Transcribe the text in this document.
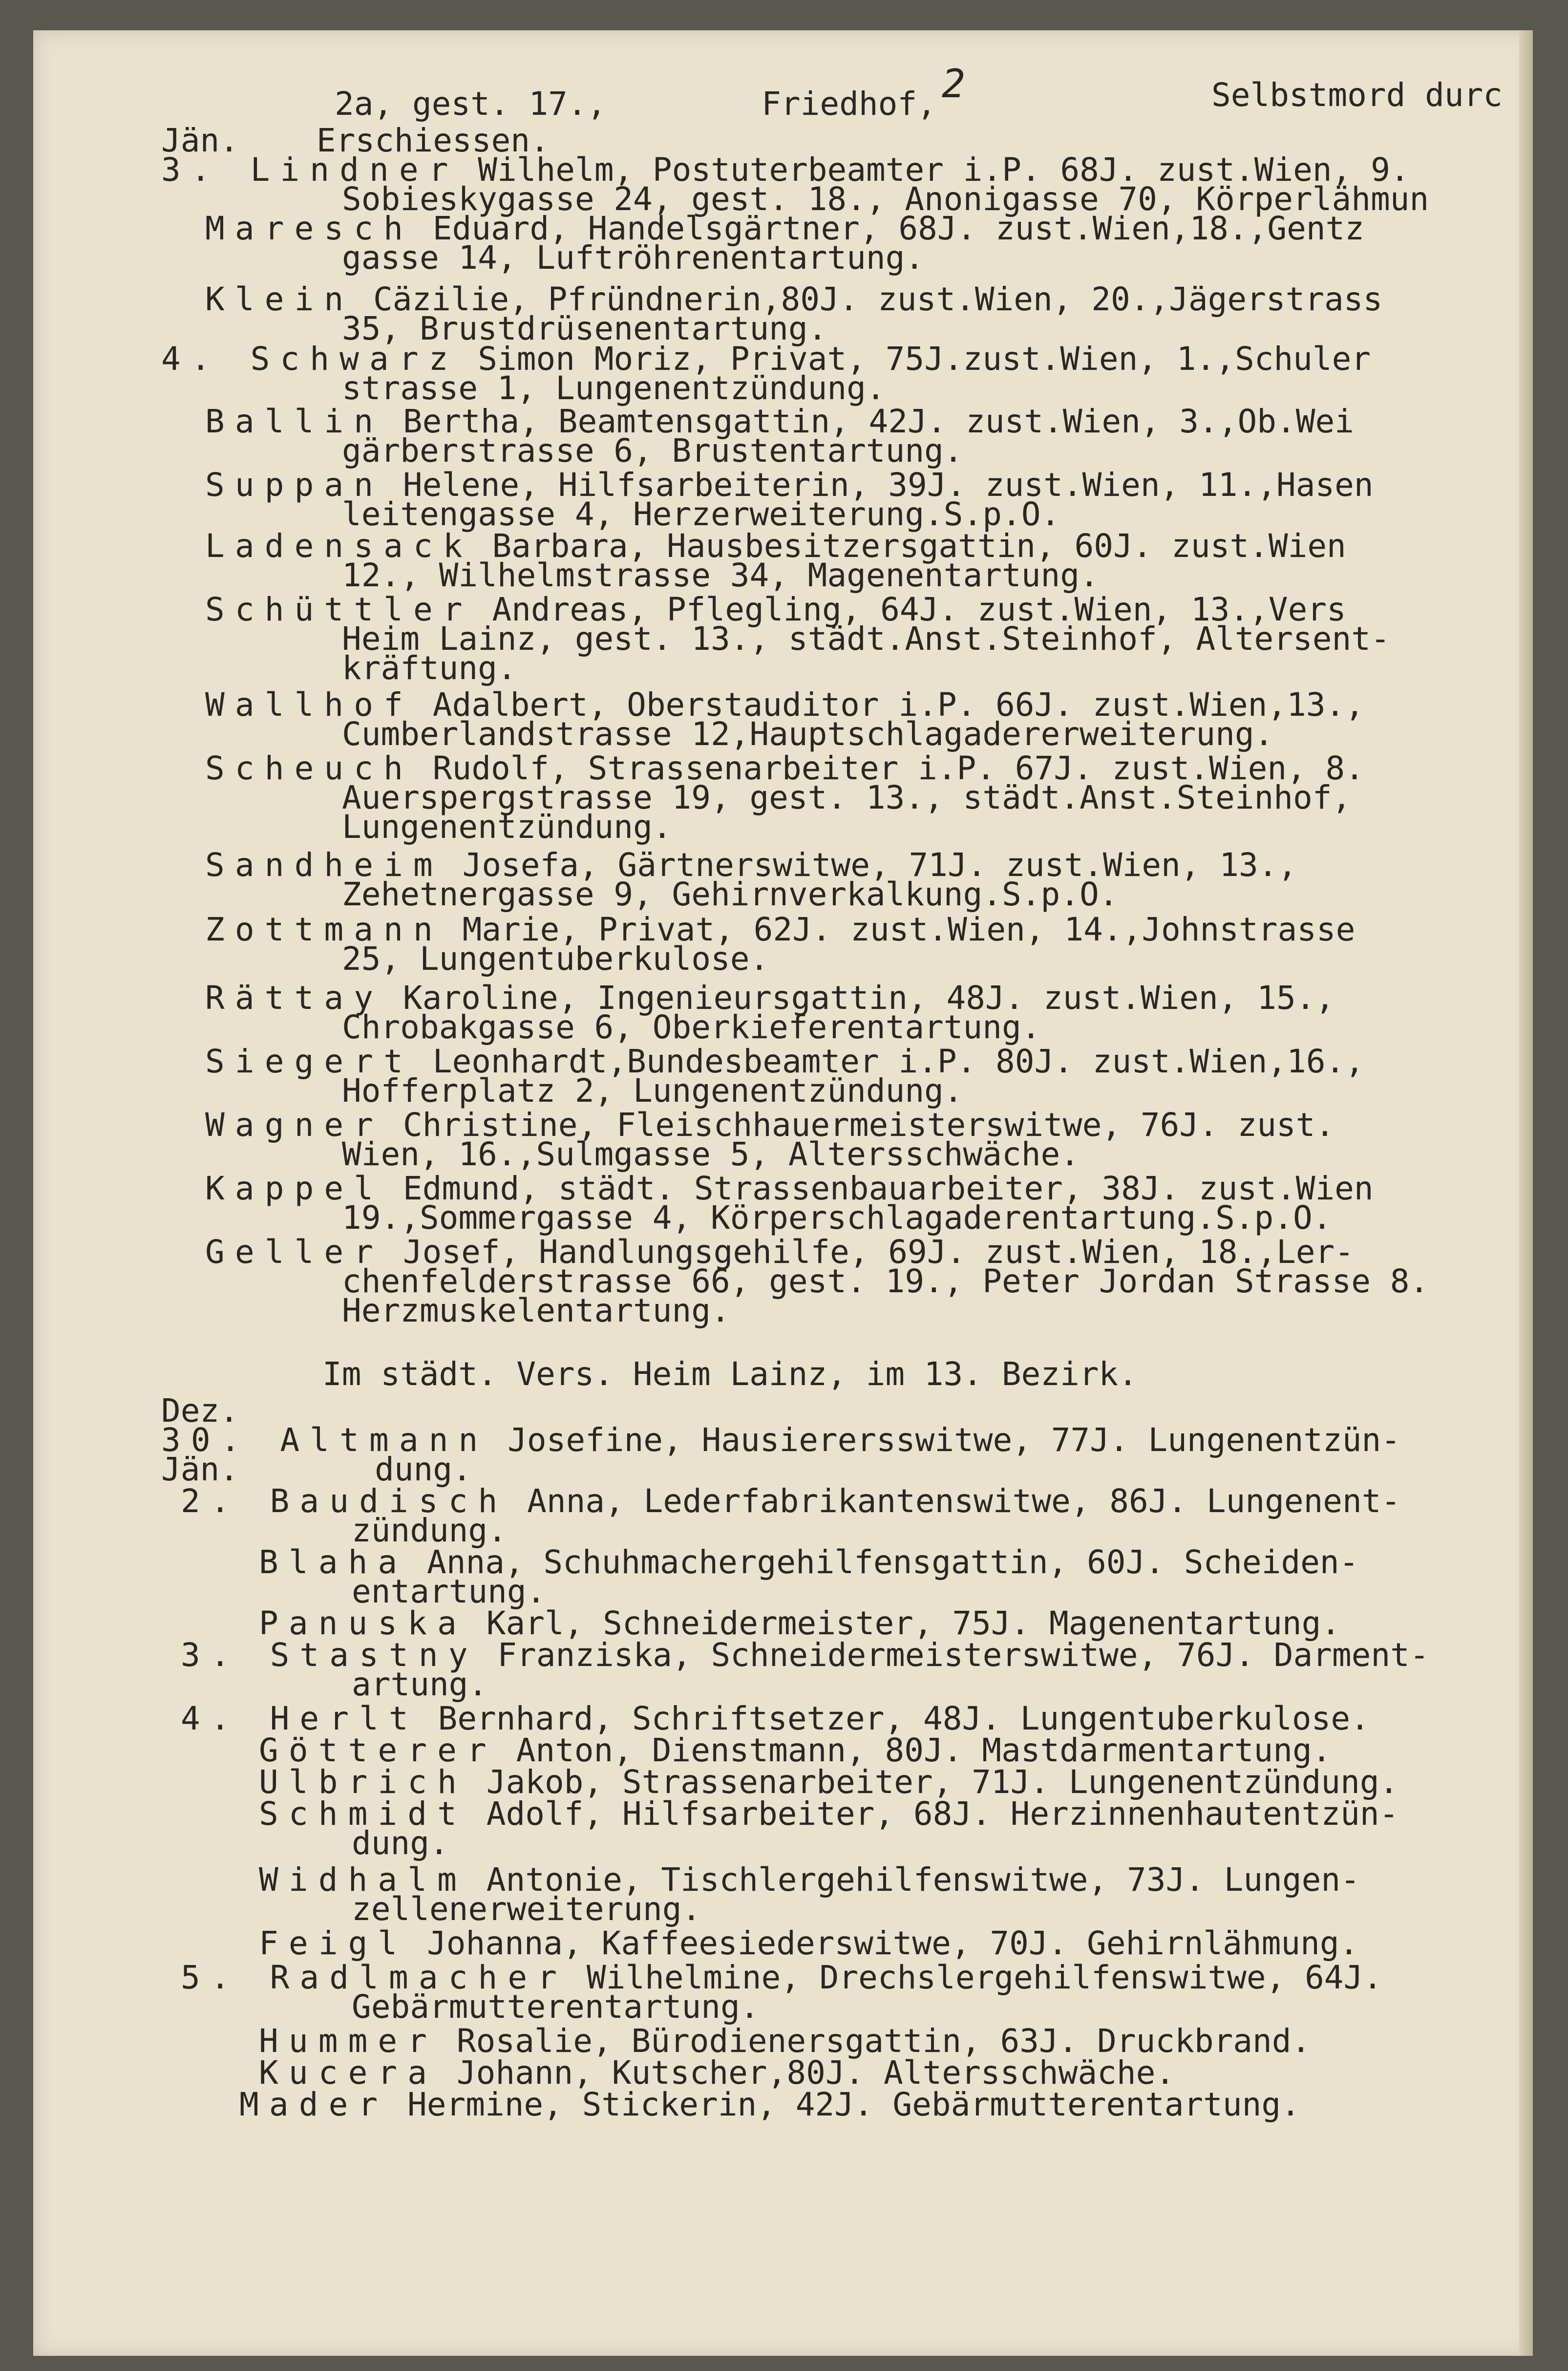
2
2a, gest. 17.,        Friedhof,	Selbstmord durc
Jän.    Erschiessen.
3. Lindner Wilhelm, Postuterbeamter i.P. 68J. zust.Wien, 9.
Sobieskygasse 24, gest. 18., Anonigasse 70, Körperlähmun
Maresch Eduard, Handelsgärtner, 68J. zust.Wien,18.,Gentz
gasse 14, Luftröhrenentartung.
Klein Cäzilie, Pfründnerin,80J. zust.Wien, 20.,Jägerstrass
35, Brustdrüsenentartung.
4. Schwarz Simon Moriz, Privat, 75J.zust.Wien, 1.,Schuler
strasse 1, Lungenentzündung.
Ballin Bertha, Beamtensgattin, 42J. zust.Wien, 3.,Ob.Wei
gärberstrasse 6, Brustentartung.
Suppan Helene, Hilfsarbeiterin, 39J. zust.Wien, 11.,Hasen
leitengasse 4, Herzerweiterung.S.p.O.
Ladensack Barbara, Hausbesitzersgattin, 60J. zust.Wien
12., Wilhelmstrasse 34, Magenentartung.
Schüttler Andreas, Pflegling, 64J. zust.Wien, 13.,Vers
Heim Lainz, gest. 13., städt.Anst.Steinhof, Altersent-
kräftung.
Wallhof Adalbert, Oberstauditor i.P. 66J. zust.Wien,13.,
Cumberlandstrasse 12,Hauptschlagadererweiterung.
Scheuch Rudolf, Strassenarbeiter i.P. 67J. zust.Wien, 8.
Auerspergstrasse 19, gest. 13., städt.Anst.Steinhof,
Lungenentzündung.
Sandheim Josefa, Gärtnerswitwe, 71J. zust.Wien, 13.,
Zehetnergasse 9, Gehirnverkalkung.S.p.O.
Zottmann Marie, Privat, 62J. zust.Wien, 14.,Johnstrasse
25, Lungentuberkulose.
Rättay Karoline, Ingenieursgattin, 48J. zust.Wien, 15.,
Chrobakgasse 6, Oberkieferentartung.
Siegert Leonhardt,Bundesbeamter i.P. 80J. zust.Wien,16.,
Hofferplatz 2, Lungenentzündung.
Wagner Christine, Fleischhauermeisterswitwe, 76J. zust.
Wien, 16.,Sulmgasse 5, Altersschwäche.
Kappel Edmund, städt. Strassenbauarbeiter, 38J. zust.Wien
19.,Sommergasse 4, Körperschlagaderentartung.S.p.O.
Geller Josef, Handlungsgehilfe, 69J. zust.Wien, 18.,Ler-
chenfelderstrasse 66, gest. 19., Peter Jordan Strasse 8.
Herzmuskelentartung.
Im städt. Vers. Heim Lainz, im 13. Bezirk.
Dez.
30. Altmann Josefine, Hausierersswitwe, 77J. Lungenentzün-
Jän.       dung.
2. Baudisch Anna, Lederfabrikantenswitwe, 86J. Lungenent-
zündung.
Blaha Anna, Schuhmachergehilfensgattin, 60J. Scheiden-
entartung.
Panuska Karl, Schneidermeister, 75J. Magenentartung.
3. Stastny Franziska, Schneidermeisterswitwe, 76J. Darment-
artung.
4. Herlt Bernhard, Schriftsetzer, 48J. Lungentuberkulose.
Götterer Anton, Dienstmann, 80J. Mastdarmentartung.
Ulbrich Jakob, Strassenarbeiter, 71J. Lungenentzündung.
Schmidt Adolf, Hilfsarbeiter, 68J. Herzinnenhautentzün-
dung.
Widhalm Antonie, Tischlergehilfenswitwe, 73J. Lungen-
zellenerweiterung.
Feigl Johanna, Kaffeesiederswitwe, 70J. Gehirnlähmung.
5. Radlmacher Wilhelmine, Drechslergehilfenswitwe, 64J.
Gebärmutterentartung.
Hummer Rosalie, Bürodienersgattin, 63J. Druckbrand.
Kucera Johann, Kutscher,80J. Altersschwäche.
Mader Hermine, Stickerin, 42J. Gebärmutterentartung.
